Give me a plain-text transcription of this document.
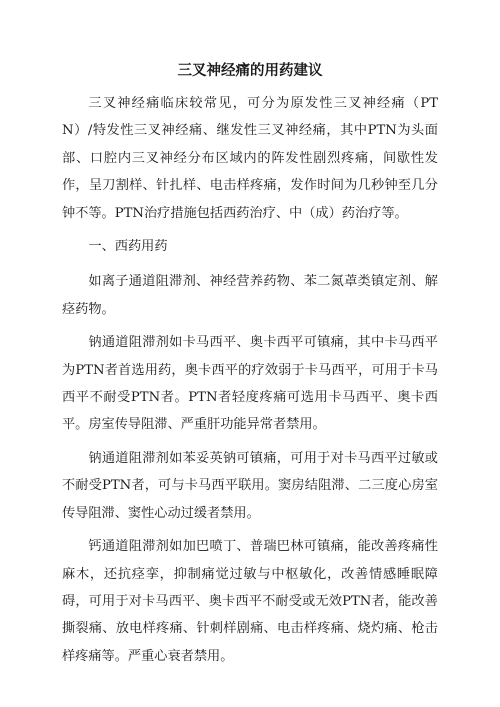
三叉神经痛的用药建议

三叉神经痛临床较常见，可分为原发性三叉神经痛（PTN）/特发性三叉神经痛、继发性三叉神经痛，其中PTN为头面部、口腔内三叉神经分布区域内的阵发性剧烈疼痛，间歇性发作，呈刀割样、针扎样、电击样疼痛，发作时间为几秒钟至几分钟不等。PTN治疗措施包括西药治疗、中（成）药治疗等。

一、西药用药

如离子通道阻滞剂、神经营养药物、苯二氮䓬类镇定剂、解痉药物。

钠通道阻滞剂如卡马西平、奥卡西平可镇痛，其中卡马西平为PTN者首选用药，奥卡西平的疗效弱于卡马西平，可用于卡马西平不耐受PTN者。PTN者轻度疼痛可选用卡马西平、奥卡西平。房室传导阻滞、严重肝功能异常者禁用。

钠通道阻滞剂如苯妥英钠可镇痛，可用于对卡马西平过敏或不耐受PTN者，可与卡马西平联用。窦房结阻滞、二三度心房室传导阻滞、窦性心动过缓者禁用。

钙通道阻滞剂如加巴喷丁、普瑞巴林可镇痛，能改善疼痛性麻木，还抗痉挛，抑制痛觉过敏与中枢敏化，改善情感睡眠障碍，可用于对卡马西平、奥卡西平不耐受或无效PTN者，能改善撕裂痛、放电样疼痛、针刺样剧痛、电击样疼痛、烧灼痛、枪击样疼痛等。严重心衰者禁用。
